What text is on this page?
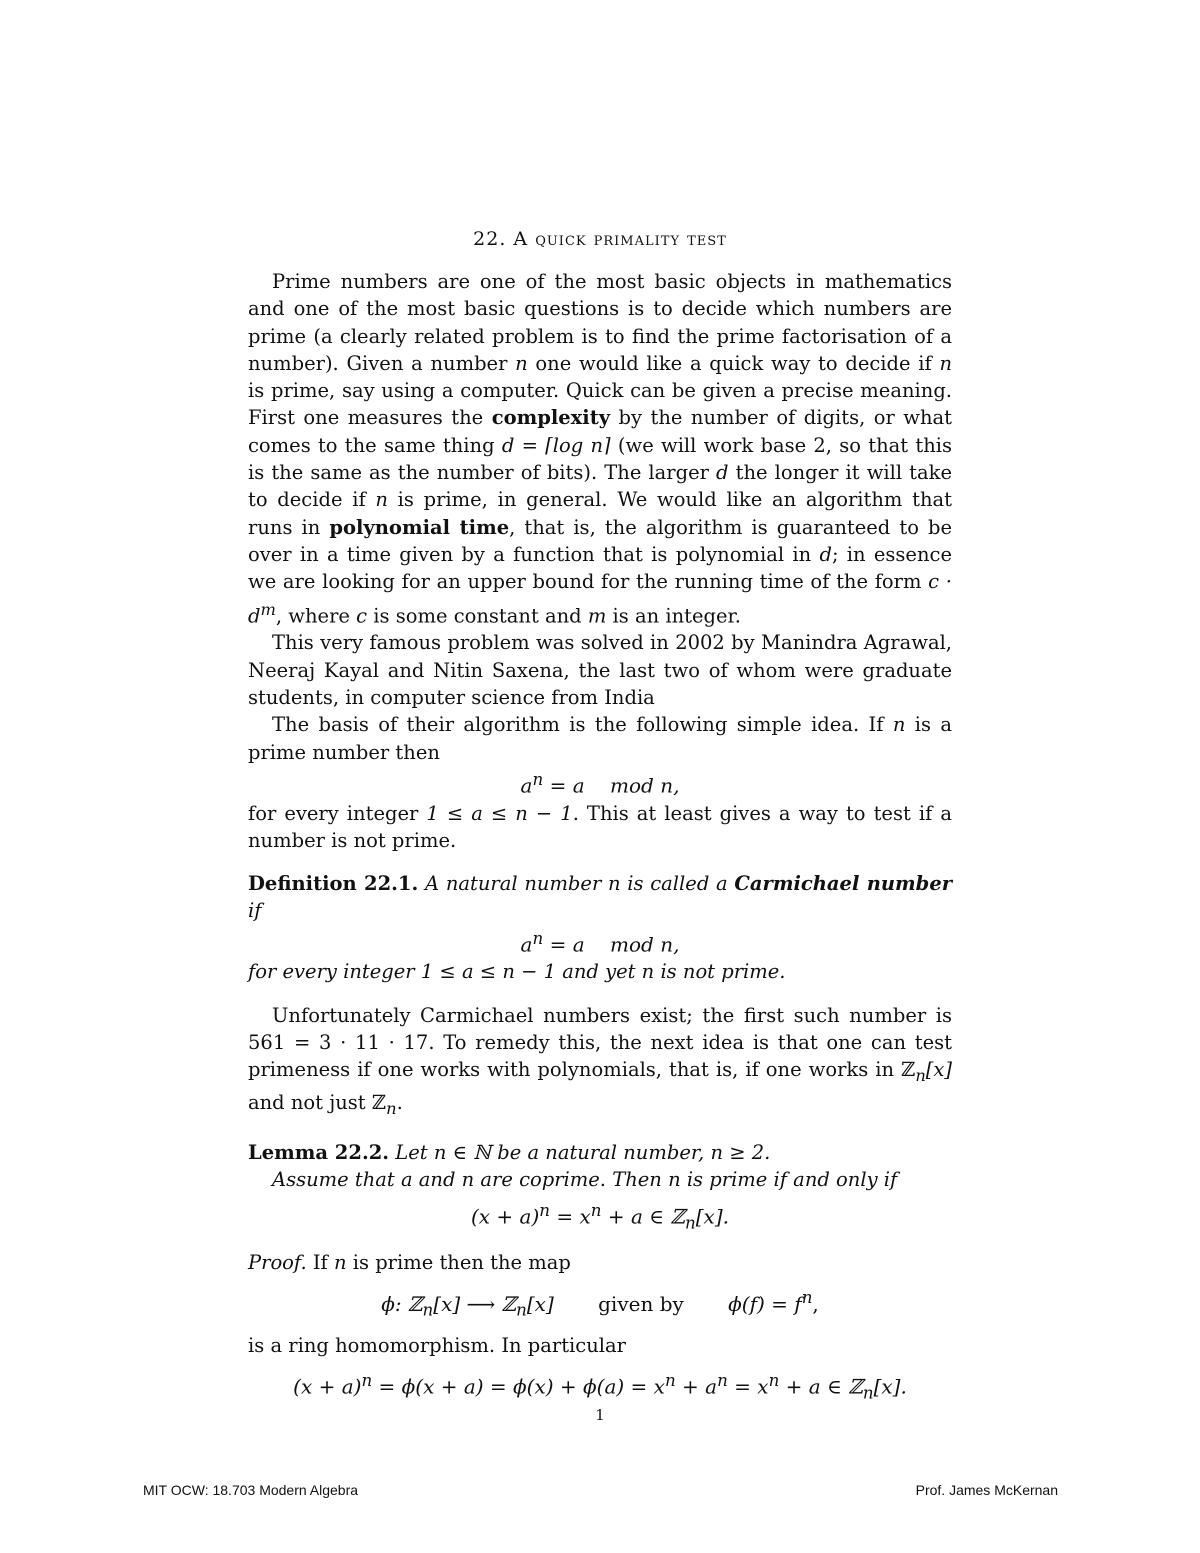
22. A quick primality test

Prime numbers are one of the most basic objects in mathematics and one of the most basic questions is to decide which numbers are prime (a clearly related problem is to find the prime factorisation of a number). Given a number n one would like a quick way to decide if n is prime, say using a computer. Quick can be given a precise meaning. First one measures the complexity by the number of digits, or what comes to the same thing d = ⌈log n⌉ (we will work base 2, so that this is the same as the number of bits). The larger d the longer it will take to decide if n is prime, in general. We would like an algorithm that runs in polynomial time, that is, the algorithm is guaranteed to be over in a time given by a function that is polynomial in d; in essence we are looking for an upper bound for the running time of the form $c \cdot d^m$, where c is some constant and m is an integer.

This very famous problem was solved in 2002 by Manindra Agrawal, Neeraj Kayal and Nitin Saxena, the last two of whom were graduate students, in computer science from India

The basis of their algorithm is the following simple idea. If n is a prime number then

$a^n = a$    mod n,

for every integer 1 ≤ a ≤ n − 1. This at least gives a way to test if a number is not prime.

Definition 22.1. A natural number n is called a Carmichael number if

$a^n = a$    mod n,

for every integer 1 ≤ a ≤ n − 1 and yet n is not prime.

Unfortunately Carmichael numbers exist; the first such number is 561 = 3 · 11 · 17. To remedy this, the next idea is that one can test primeness if one works with polynomials, that is, if one works in ℤ$_n$[x] and not just ℤ$_n$.

Lemma 22.2. Let n ∈ ℕ be a natural number, n ≥ 2.

Assume that a and n are coprime. Then n is prime if and only if

$(x + a)^n = x^n + a$ ∈ ℤ$_n$[x].

Proof. If n is prime then the map

ϕ: ℤ$_n$[x] ⟶ ℤ$_n$[x] given by $\phi(f) = f^n$,

is a ring homomorphism. In particular

$(x + a)^n = \phi(x + a) = \phi(x) + \phi(a) = x^n + a^n = x^n + a$ ∈ ℤ$_n$[x].

1
MIT OCW: 18.703 Modern Algebra	Prof. James McKernan
